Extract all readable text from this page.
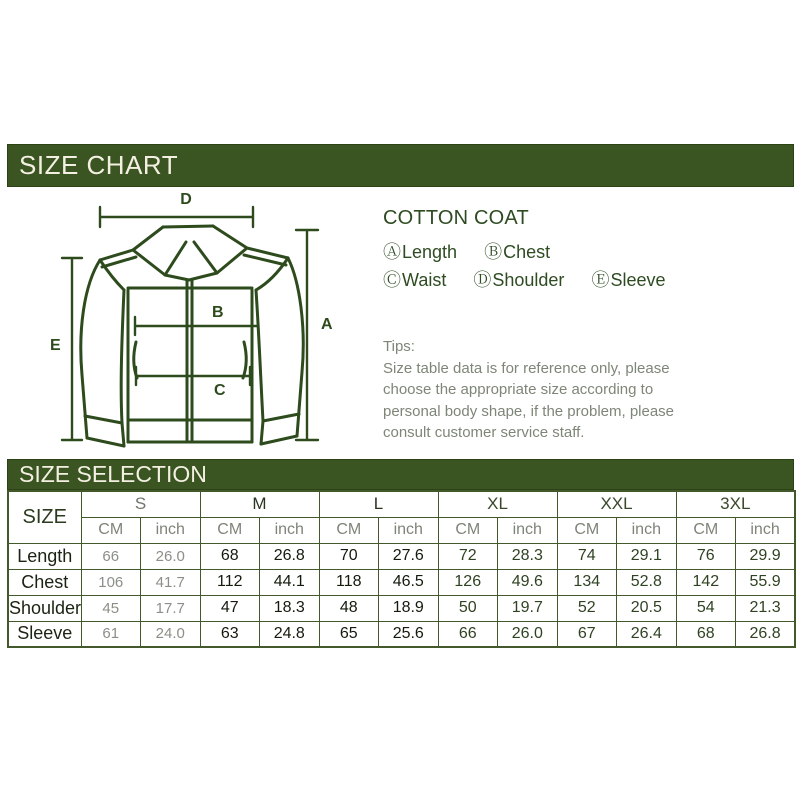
SIZE CHART
D
A
E
B
C
COTTON COAT
ⒶLength ⒷChest
ⒸWaist ⒹShoulder ⒺSleeve
Tips:
Size table data is for reference only, please
choose the appropriate size according to
personal body shape, if the problem, please
consult customer service staff.
SIZE SELECTION
SIZE	S		M		L		XL		XXL		3XL	
	CM	inch	CM	inch	CM	inch	CM	inch	CM	inch	CM	inch
Length	66	26.0	68	26.8	70	27.6	72	28.3	74	29.1	76	29.9
Chest	106	41.7	112	44.1	118	46.5	126	49.6	134	52.8	142	55.9
Shoulder	45	17.7	47	18.3	48	18.9	50	19.7	52	20.5	54	21.3
Sleeve	61	24.0	63	24.8	65	25.6	66	26.0	67	26.4	68	26.8
